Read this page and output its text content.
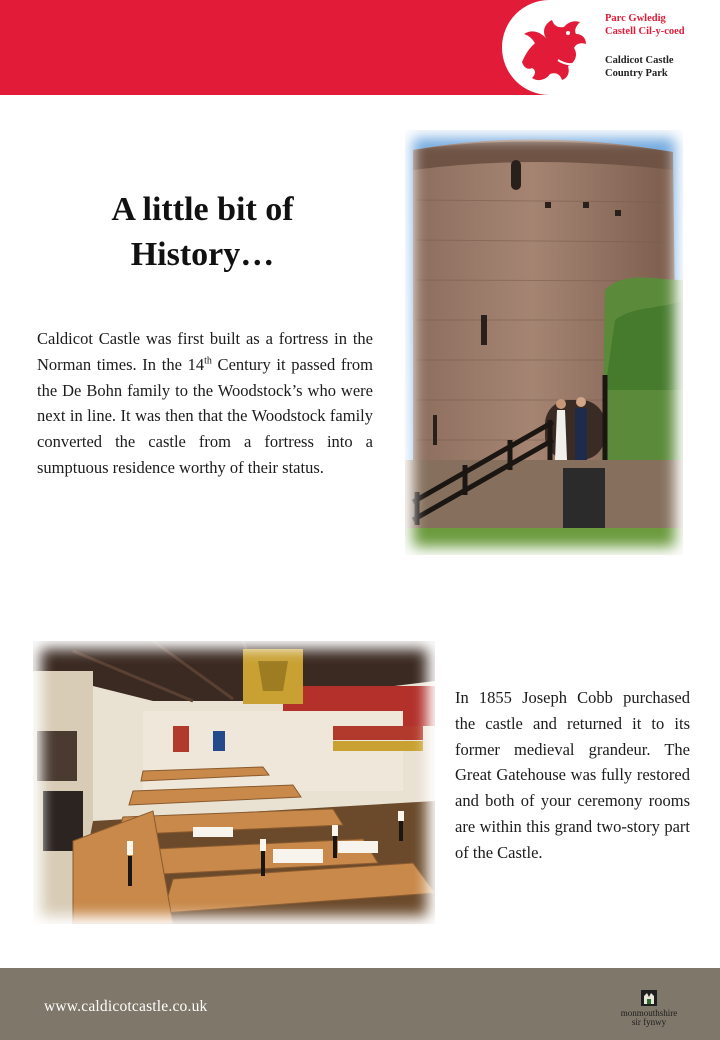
Parc Gwledig
Castell Cil-y-coed
Caldicot Castle
Country Park
A little bit of
History…
Caldicot Castle was first built as a fortress in the Norman times. In the 14th Century it passed from the De Bohn family to the Woodstock’s who were next in line. It was then that the Woodstock family converted the castle from a fortress into a sumptuous residence worthy of their status.
In 1855 Joseph Cobb purchased the castle and returned it to its former medieval grandeur. The Great Gatehouse was fully restored and both of your ceremony rooms are within this grand two-story part of the Castle.
www.caldicotcastle.co.uk	monmouthshire
sir fynwy
